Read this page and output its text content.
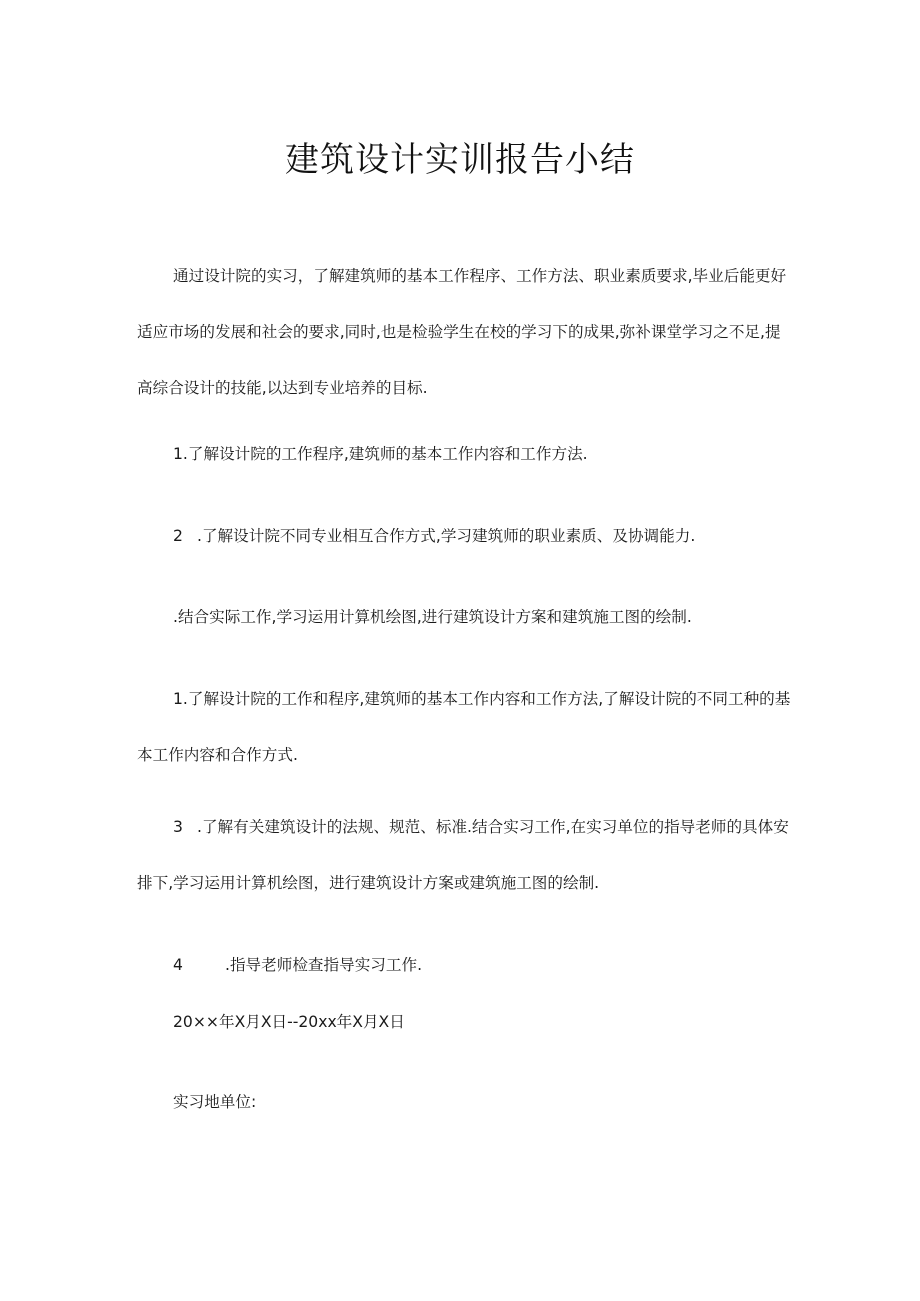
建筑设计实训报告小结
通过设计院的实习，了解建筑师的基本工作程序、工作方法、职业素质要求,毕业后能更好
适应市场的发展和社会的要求,同时,也是检验学生在校的学习下的成果,弥补课堂学习之不足,提
高综合设计的技能,以达到专业培养的目标.
1.了解设计院的工作程序,建筑师的基本工作内容和工作方法.
2 .了解设计院不同专业相互合作方式,学习建筑师的职业素质、及协调能力.
.结合实际工作,学习运用计算机绘图,进行建筑设计方案和建筑施工图的绘制.
1.了解设计院的工作和程序,建筑师的基本工作内容和工作方法,了解设计院的不同工种的基
本工作内容和合作方式.
3 .了解有关建筑设计的法规、规范、标准.结合实习工作,在实习单位的指导老师的具体安
排下,学习运用计算机绘图，进行建筑设计方案或建筑施工图的绘制.
4	.指导老师检查指导实习工作.
20××年X月X日--20xx年X月X日
实习地单位:
